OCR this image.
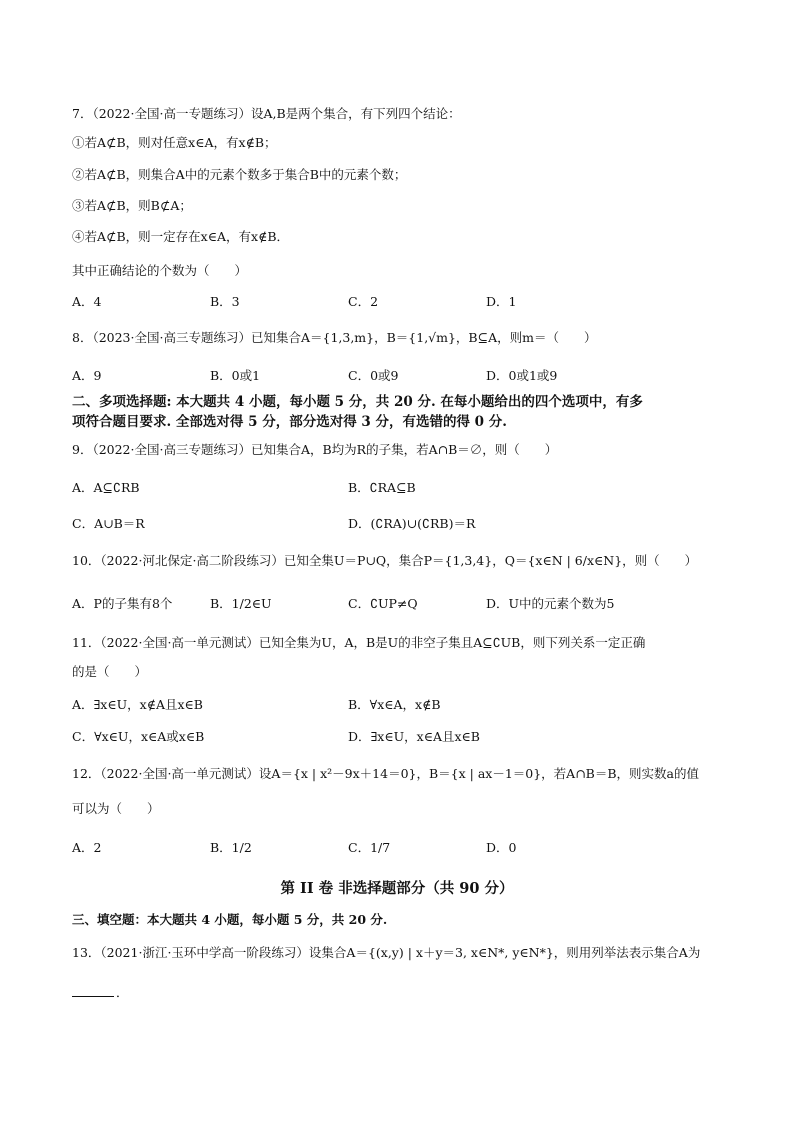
7．（2022·全国·高一专题练习）设A,B是两个集合，有下列四个结论：
①若A⊄B，则对任意x∈A，有x∉B；
②若A⊄B，则集合A中的元素个数多于集合B中的元素个数；
③若A⊄B，则B⊄A；
④若A⊄B，则一定存在x∈A，有x∉B．
其中正确结论的个数为（　　）
A．4	B．3	C．2	D．1
8．（2023·全国·高三专题练习）已知集合A＝{1,3,m}，B＝{1,√m}，B⊆A，则m＝（　　）
A．9	B．0或1	C．0或9	D．0或1或9
二、多项选择题: 本大题共 4 小题，每小题 5 分，共 20 分. 在每小题给出的四个选项中，有多
项符合题目要求. 全部选对得 5 分，部分选对得 3 分，有选错的得 0 分.
9．（2022·全国·高三专题练习）已知集合A，B均为R的子集，若A∩B＝∅，则（　　）
A．A⊆∁RB	B．∁RA⊆B
C．A∪B＝R	D．(∁RA)∪(∁RB)＝R
10．（2022·河北保定·高二阶段练习）已知全集U＝P∪Q，集合P＝{1,3,4}，Q＝{x∈N | 6/x∈N}，则（　　）
A．P的子集有8个	B．1/2∈U	C．∁UP≠Q	D．U中的元素个数为5
11．（2022·全国·高一单元测试）已知全集为U，A，B是U的非空子集且A⊆∁UB，则下列关系一定正确
的是（　　）
A．∃x∈U，x∉A且x∈B	B．∀x∈A，x∉B
C．∀x∈U，x∈A或x∈B	D．∃x∈U，x∈A且x∈B
12．（2022·全国·高一单元测试）设A＝{x | x²－9x＋14＝0}，B＝{x | ax－1＝0}，若A∩B＝B，则实数a的值
可以为（　　）
A．2	B．1/2	C．1/7	D．0
第 II 卷 非选择题部分（共 90 分）
三、填空题：本大题共 4 小题，每小题 5 分，共 20 分.
13．（2021·浙江·玉环中学高一阶段练习）设集合A＝{(x,y) | x＋y＝3, x∈N*, y∈N*}，则用列举法表示集合A为
．
